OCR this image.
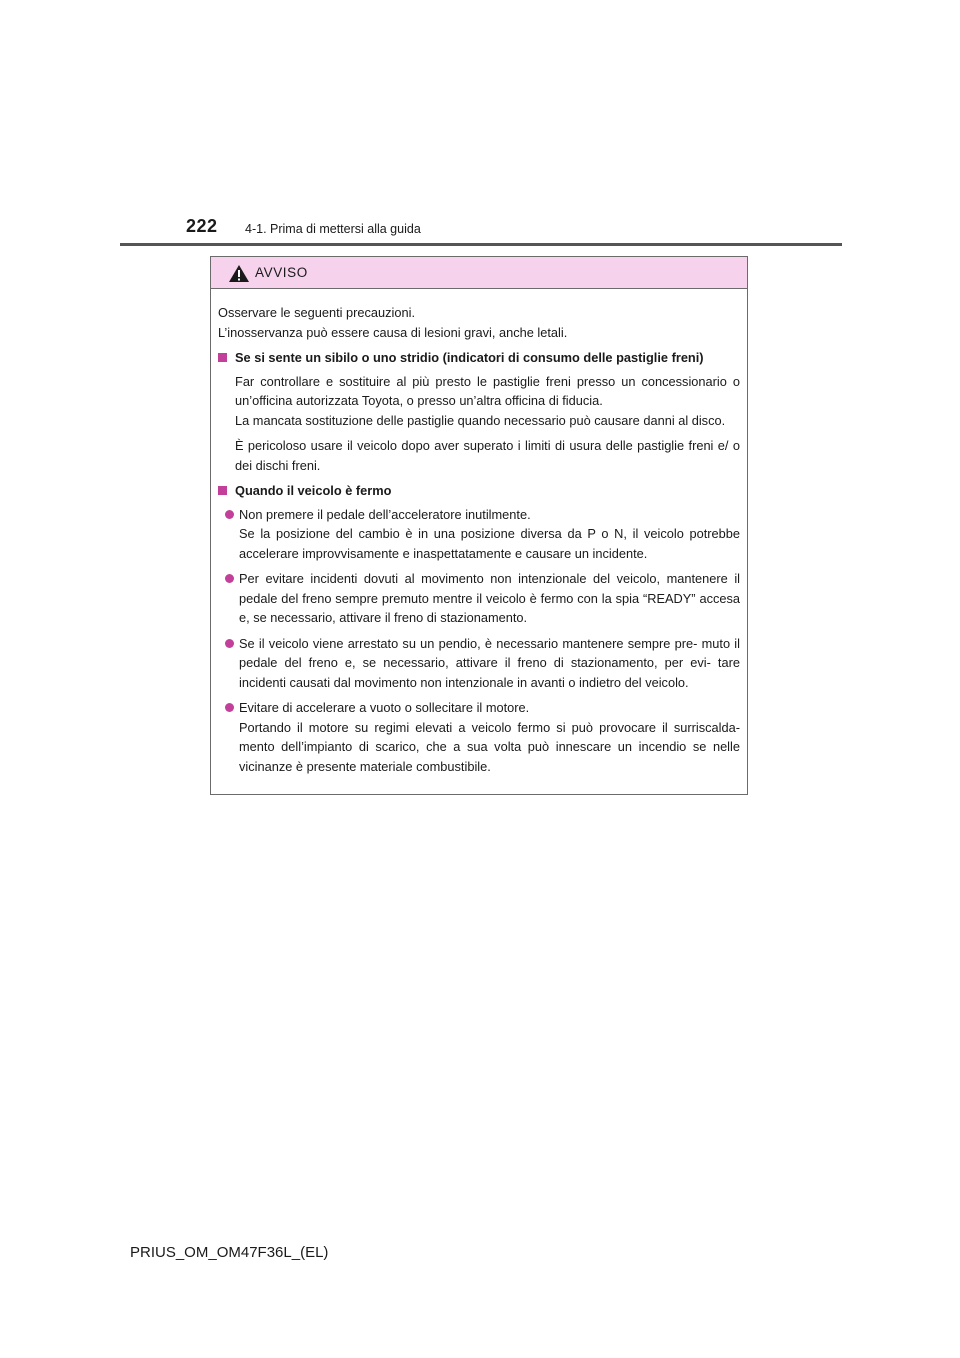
222 4-1. Prima di mettersi alla guida
AVVISO
Osservare le seguenti precauzioni.
L’inosservanza può essere causa di lesioni gravi, anche letali.
Se si sente un sibilo o uno stridio (indicatori di consumo delle pastiglie freni)
Far controllare e sostituire al più presto le pastiglie freni presso un concessionario o un’officina autorizzata Toyota, o presso un’altra officina di fiducia.
La mancata sostituzione delle pastiglie quando necessario può causare danni al disco.
È pericoloso usare il veicolo dopo aver superato i limiti di usura delle pastiglie freni e/ o dei dischi freni.
Quando il veicolo è fermo
Non premere il pedale dell’acceleratore inutilmente.
Se la posizione del cambio è in una posizione diversa da P o N, il veicolo potrebbe accelerare improvvisamente e inaspettatamente e causare un incidente.
Per evitare incidenti dovuti al movimento non intenzionale del veicolo, mantenere il pedale del freno sempre premuto mentre il veicolo è fermo con la spia “READY” accesa e, se necessario, attivare il freno di stazionamento.
Se il veicolo viene arrestato su un pendio, è necessario mantenere sempre pre- muto il pedale del freno e, se necessario, attivare il freno di stazionamento, per evi- tare incidenti causati dal movimento non intenzionale in avanti o indietro del veicolo.
Evitare di accelerare a vuoto o sollecitare il motore.
Portando il motore su regimi elevati a veicolo fermo si può provocare il surriscalda- mento dell’impianto di scarico, che a sua volta può innescare un incendio se nelle vicinanze è presente materiale combustibile.
PRIUS_OM_OM47F36L_(EL)
